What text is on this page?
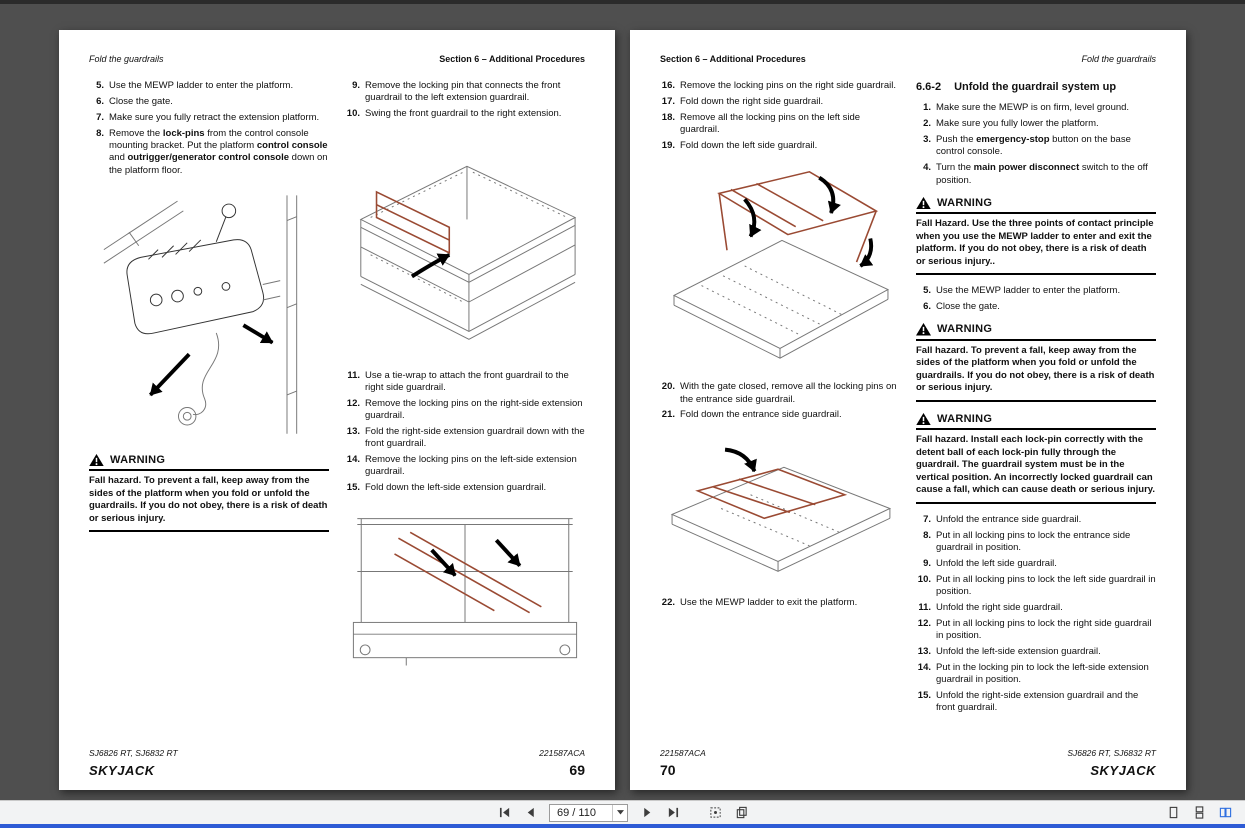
Fold the guardrails	Section 6 – Additional Procedures
5. Use the MEWP ladder to enter the platform.
6. Close the gate.
7. Make sure you fully retract the extension platform.
8. Remove the lock-pins from the control console mounting bracket. Put the platform control console and outrigger/generator control console down on the platform floor.
WARNING
Fall hazard. To prevent a fall, keep away from the sides of the platform when you fold or unfold the guardrails. If you do not obey, there is a risk of death or serious injury.
9. Remove the locking pin that connects the front guardrail to the left extension guardrail.
10. Swing the front guardrail to the right extension.
11. Use a tie-wrap to attach the front guardrail to the right side guardrail.
12. Remove the locking pins on the right-side extension guardrail.
13. Fold the right-side extension guardrail down with the front guardrail.
14. Remove the locking pins on the left-side extension guardrail.
15. Fold down the left-side extension guardrail.
SJ6826 RT, SJ6832 RT	221587ACA
SKYJACK	69
Section 6 – Additional Procedures	Fold the guardrails
16. Remove the locking pins on the right side guardrail.
17. Fold down the right side guardrail.
18. Remove all the locking pins on the left side guardrail.
19. Fold down the left side guardrail.
20. With the gate closed, remove all the locking pins on the entrance side guardrail.
21. Fold down the entrance side guardrail.
22. Use the MEWP ladder to exit the platform.
6.6-2 Unfold the guardrail system up
1. Make sure the MEWP is on firm, level ground.
2. Make sure you fully lower the platform.
3. Push the emergency-stop button on the base control console.
4. Turn the main power disconnect switch to the off position.
WARNING
Fall Hazard. Use the three points of contact principle when you use the MEWP ladder to enter and exit the platform. If you do not obey, there is a risk of death or serious injury..
5. Use the MEWP ladder to enter the platform.
6. Close the gate.
WARNING
Fall hazard. To prevent a fall, keep away from the sides of the platform when you fold or unfold the guardrails. If you do not obey, there is a risk of death or serious injury.
WARNING
Fall hazard. Install each lock-pin correctly with the detent ball of each lock-pin fully through the guardrail. The guardrail system must be in the vertical position. An incorrectly locked guardrail can cause a fall, which can cause death or serious injury.
7. Unfold the entrance side guardrail.
8. Put in all locking pins to lock the entrance side guardrail in position.
9. Unfold the left side guardrail.
10. Put in all locking pins to lock the left side guardrail in position.
11. Unfold the right side guardrail.
12. Put in all locking pins to lock the right side guardrail in position.
13. Unfold the left-side extension guardrail.
14. Put in the locking pin to lock the left-side extension guardrail in position.
15. Unfold the right-side extension guardrail and the front guardrail.
221587ACA	SJ6826 RT, SJ6832 RT
70	SKYJACK
69 / 110
